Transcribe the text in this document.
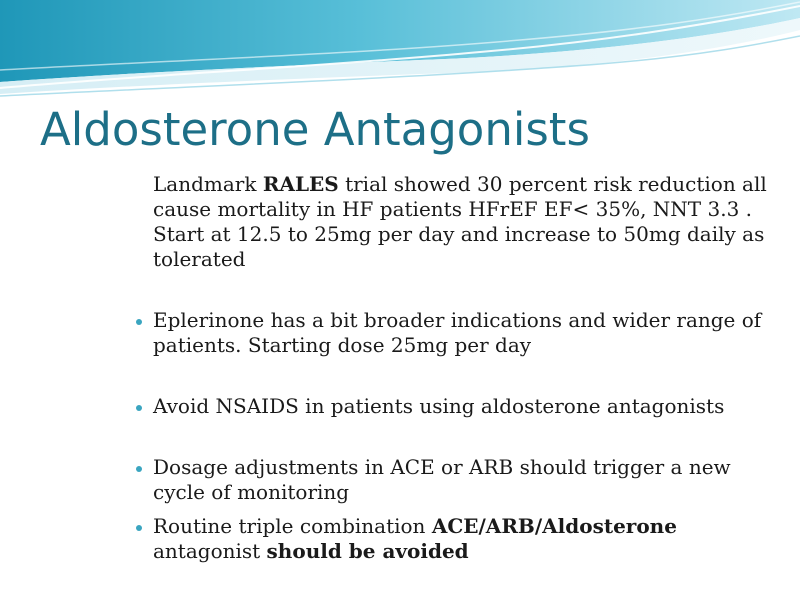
Aldosterone Antagonists
Landmark RALES trial showed 30 percent risk reduction all cause mortality in HF patients HFrEF EF< 35%, NNT 3.3 . Start at 12.5 to 25mg per day and increase to 50mg daily as tolerated
Eplerinone has a bit broader indications and wider range of patients. Starting dose 25mg per day
Avoid NSAIDS in patients using aldosterone antagonists
Dosage adjustments in ACE or ARB should trigger a new cycle of monitoring
Routine triple combination ACE/ARB/Aldosterone antagonist should be avoided
